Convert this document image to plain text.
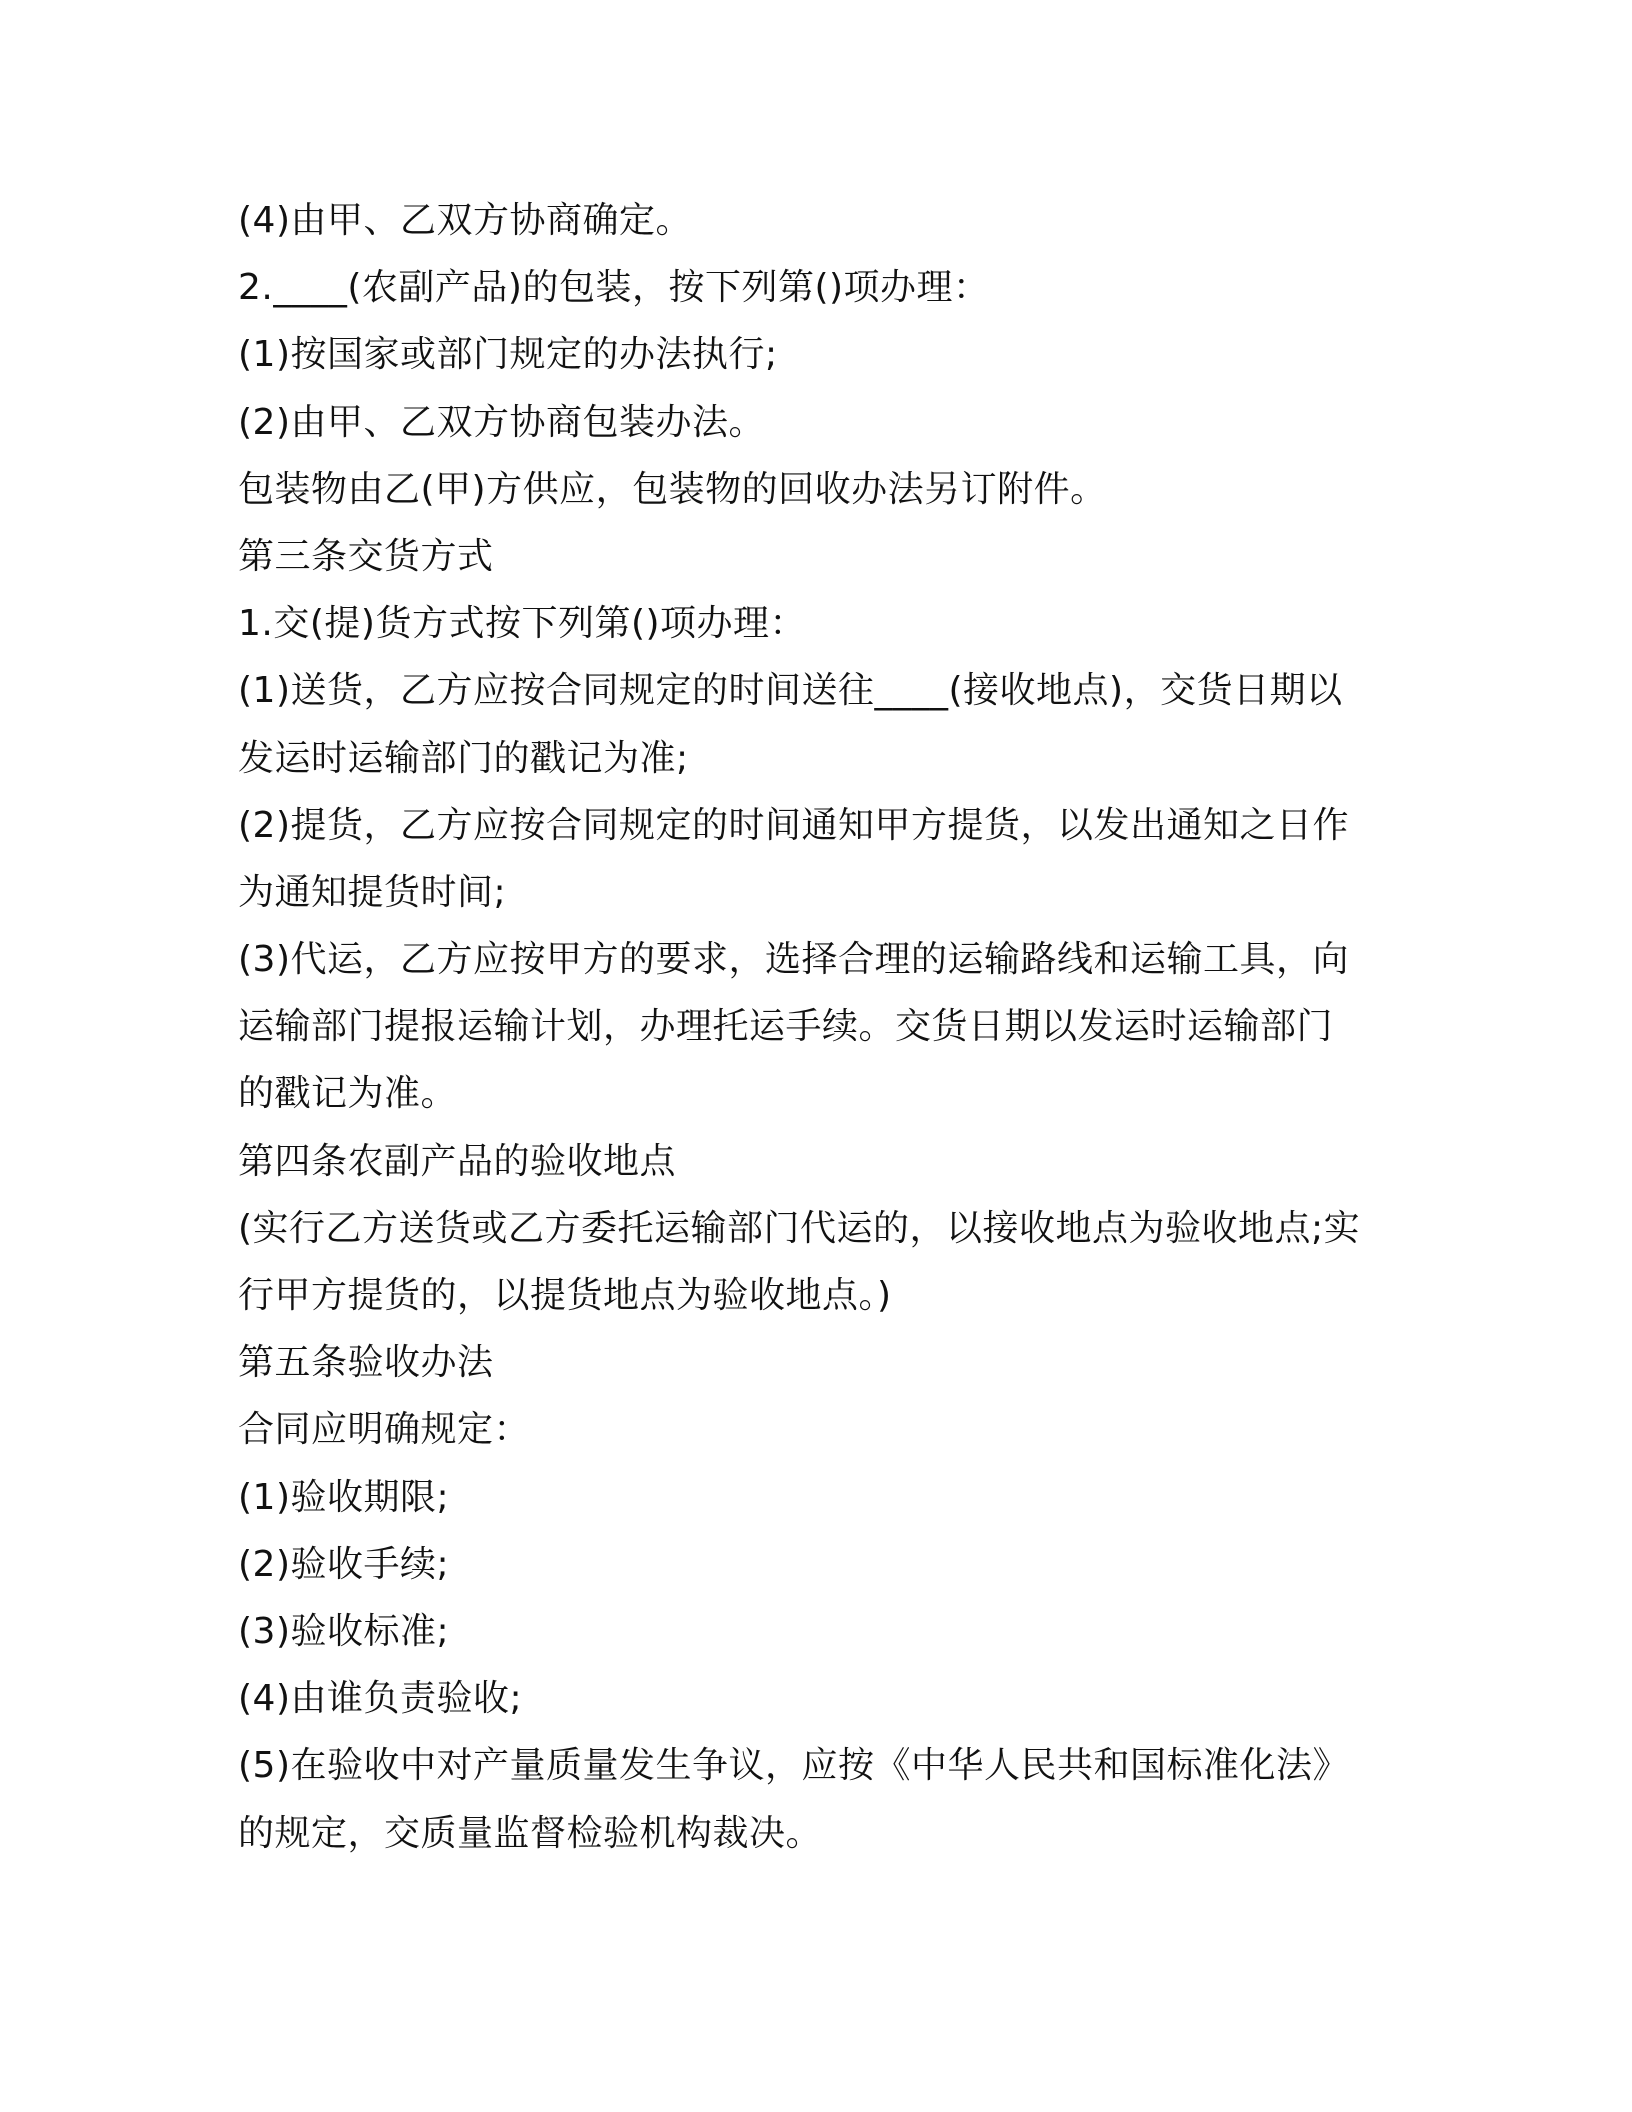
(4)由甲、乙双方协商确定。
2.____(农副产品)的包装，按下列第()项办理：
(1)按国家或部门规定的办法执行;
(2)由甲、乙双方协商包装办法。
包装物由乙(甲)方供应，包装物的回收办法另订附件。
第三条交货方式
1.交(提)货方式按下列第()项办理：
(1)送货，乙方应按合同规定的时间送往____(接收地点)，交货日期以
发运时运输部门的戳记为准;
(2)提货，乙方应按合同规定的时间通知甲方提货，以发出通知之日作
为通知提货时间;
(3)代运，乙方应按甲方的要求，选择合理的运输路线和运输工具，向
运输部门提报运输计划，办理托运手续。交货日期以发运时运输部门
的戳记为准。
第四条农副产品的验收地点
(实行乙方送货或乙方委托运输部门代运的，以接收地点为验收地点;实
行甲方提货的，以提货地点为验收地点。)
第五条验收办法
合同应明确规定：
(1)验收期限;
(2)验收手续;
(3)验收标准;
(4)由谁负责验收;
(5)在验收中对产量质量发生争议，应按《中华人民共和国标准化法》
的规定，交质量监督检验机构裁决。
